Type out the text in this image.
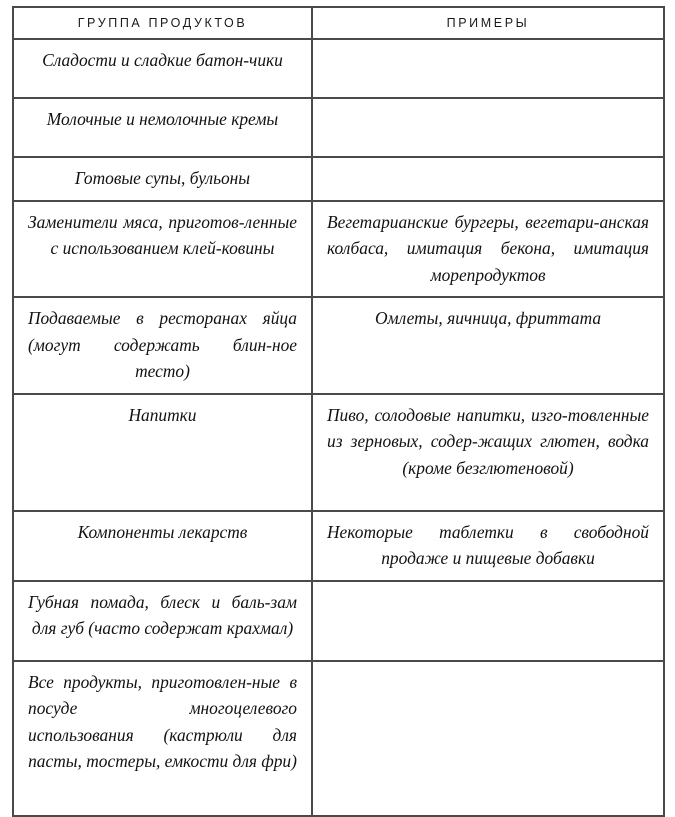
ГРУППА ПРОДУКТОВ	ПРИМЕРЫ

Сладости и сладкие батон-чики	

Молочные и немолочные кремы	

Готовые супы, бульоны	

Заменители мяса, приготов-ленные с использованием клей-ковины	Вегетарианские бургеры, вегетари-анская колбаса, имитация бекона, имитация морепродуктов

Подаваемые в ресторанах яйца (могут содержать блин-ное тесто)	Омлеты, яичница, фриттата

Напитки	Пиво, солодовые напитки, изго-товленные из зерновых, содер-жащих глютен, водка (кроме безглютеновой)

Компоненты лекарств	Некоторые таблетки в свободной продаже и пищевые добавки

Губная помада, блеск и баль-зам для губ (часто содержат крахмал)	

Все продукты, приготовлен-ные в посуде многоцелевого использования (кастрюли для пасты, тостеры, емкости для фри)	
